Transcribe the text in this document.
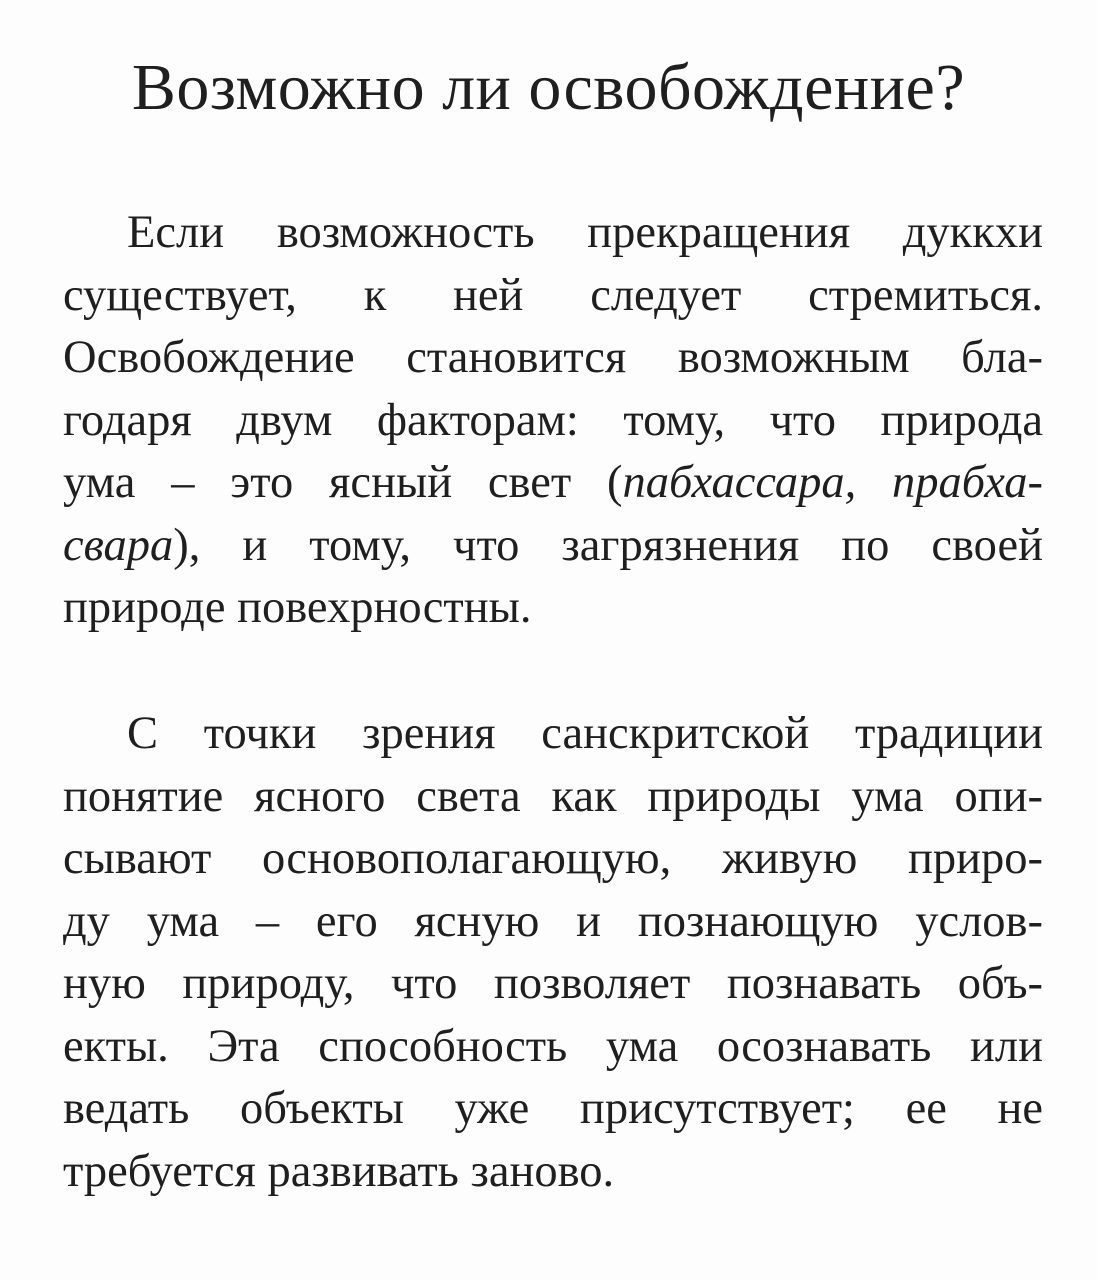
Возможно ли освобождение?
Если возможность прекращения дуккхи
существует, к ней следует стремиться.
Освобождение становится возможным бла-
годаря двум факторам: тому, что природа
ума – это ясный свет (пабхассара, прабха-
свара), и тому, что загрязнения по своей
природе повехрностны.
С точки зрения санскритской традиции
понятие ясного света как природы ума опи-
сывают основополагающую, живую приро-
ду ума – его ясную и познающую услов-
ную природу, что позволяет познавать объ-
екты. Эта способность ума осознавать или
ведать объекты уже присутствует; ее не
требуется развивать заново.
